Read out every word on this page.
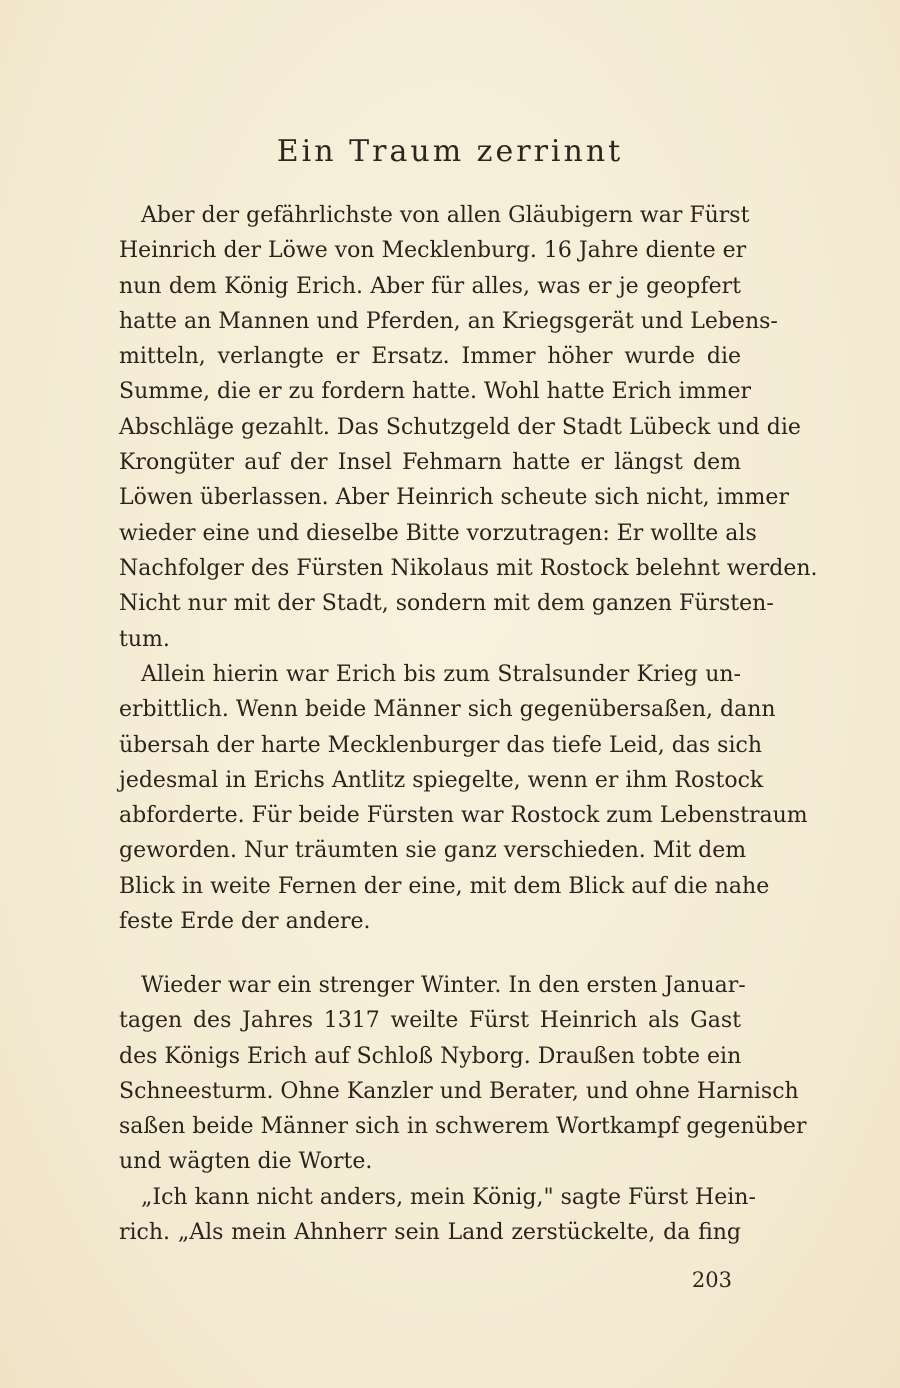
Ein Traum zerrinnt
Aber der gefährlichste von allen Gläubigern war Fürst
Heinrich der Löwe von Mecklenburg. 16 Jahre diente er
nun dem König Erich. Aber für alles, was er je geopfert
hatte an Mannen und Pferden, an Kriegsgerät und Lebens-
mitteln, verlangte er Ersatz. Immer höher wurde die
Summe, die er zu fordern hatte. Wohl hatte Erich immer
Abschläge gezahlt. Das Schutzgeld der Stadt Lübeck und die
Krongüter auf der Insel Fehmarn hatte er längst dem
Löwen überlassen. Aber Heinrich scheute sich nicht, immer
wieder eine und dieselbe Bitte vorzutragen: Er wollte als
Nachfolger des Fürsten Nikolaus mit Rostock belehnt werden.
Nicht nur mit der Stadt, sondern mit dem ganzen Fürsten-
tum.
Allein hierin war Erich bis zum Stralsunder Krieg un-
erbittlich. Wenn beide Männer sich gegenübersaßen, dann
übersah der harte Mecklenburger das tiefe Leid, das sich
jedesmal in Erichs Antlitz spiegelte, wenn er ihm Rostock
abforderte. Für beide Fürsten war Rostock zum Lebenstraum
geworden. Nur träumten sie ganz verschieden. Mit dem
Blick in weite Fernen der eine, mit dem Blick auf die nahe
feste Erde der andere.
Wieder war ein strenger Winter. In den ersten Januar-
tagen des Jahres 1317 weilte Fürst Heinrich als Gast
des Königs Erich auf Schloß Nyborg. Draußen tobte ein
Schneesturm. Ohne Kanzler und Berater, und ohne Harnisch
saßen beide Männer sich in schwerem Wortkampf gegenüber
und wägten die Worte.
„Ich kann nicht anders, mein König," sagte Fürst Hein-
rich. „Als mein Ahnherr sein Land zerstückelte, da fing
203
